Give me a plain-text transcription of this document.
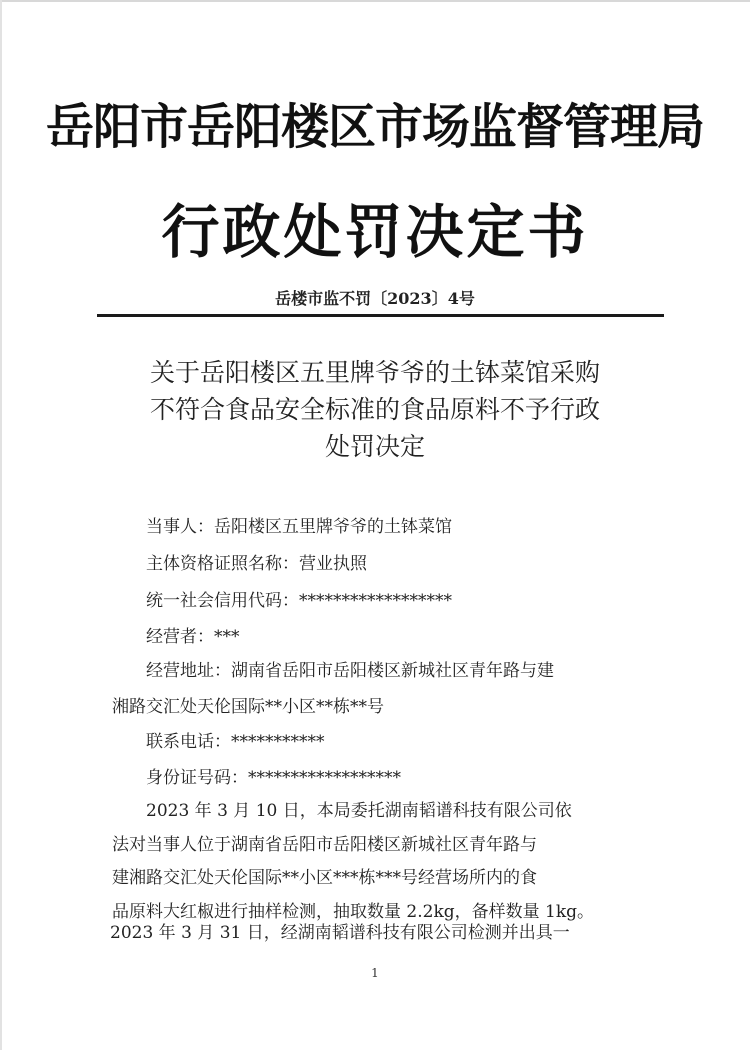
岳阳市岳阳楼区市场监督管理局
行政处罚决定书
岳楼市监不罚〔2023〕4号
关于岳阳楼区五里牌爷爷的土钵菜馆采购
不符合食品安全标准的食品原料不予行政
处罚决定
当事人：岳阳楼区五里牌爷爷的土钵菜馆
主体资格证照名称：营业执照
统一社会信用代码：******************
经营者：***
经营地址：湖南省岳阳市岳阳楼区新城社区青年路与建
湘路交汇处天伦国际**小区**栋**号
联系电话：***********
身份证号码：******************
2023 年 3 月 10 日，本局委托湖南韬谱科技有限公司依
法对当事人位于湖南省岳阳市岳阳楼区新城社区青年路与
建湘路交汇处天伦国际**小区***栋***号经营场所内的食
品原料大红椒进行抽样检测，抽取数量 2.2kg，备样数量 1kg。
2023 年 3 月 31 日，经湖南韬谱科技有限公司检测并出具一
1
